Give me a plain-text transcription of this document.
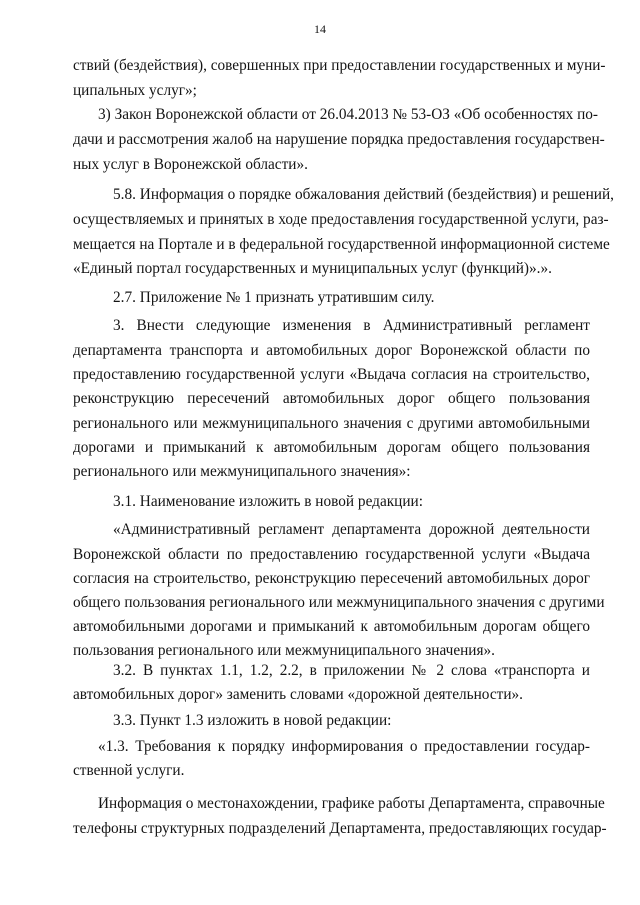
14
ствий (бездействия), совершенных при предоставлении государственных и муни-
ципальных услуг»;
3) Закон Воронежской области от 26.04.2013 № 53-ОЗ «Об особенностях по-
дачи и рассмотрения жалоб на нарушение порядка предоставления государствен-
ных услуг в Воронежской области».
5.8. Информация о порядке обжалования действий (бездействия) и решений,
осуществляемых и принятых в ходе предоставления государственной услуги, раз-
мещается на Портале и в федеральной государственной информационной системе
«Единый портал государственных и муниципальных услуг (функций)».».
2.7. Приложение № 1 признать утратившим силу.
3. Внести следующие изменения в Административный регламент
департамента транспорта и автомобильных дорог Воронежской области по
предоставлению государственной услуги «Выдача согласия на строительство,
реконструкцию пересечений автомобильных дорог общего пользования
регионального или межмуниципального значения с другими автомобильными
дорогами и примыканий к автомобильным дорогам общего пользования
регионального или межмуниципального значения»:
3.1. Наименование изложить в новой редакции:
«Административный регламент департамента дорожной деятельности
Воронежской области по предоставлению государственной услуги «Выдача
согласия на строительство, реконструкцию пересечений автомобильных дорог
общего пользования регионального или межмуниципального значения с другими
автомобильными дорогами и примыканий к автомобильным дорогам общего
пользования регионального или межмуниципального значения».
3.2. В пунктах 1.1, 1.2, 2.2, в приложении № 2 слова «транспорта и
автомобильных дорог» заменить словами «дорожной деятельности».
3.3. Пункт 1.3 изложить в новой редакции:
«1.3. Требования к порядку информирования о предоставлении государ-
ственной услуги.
Информация о местонахождении, графике работы Департамента, справочные
телефоны структурных подразделений Департамента, предоставляющих государ-
